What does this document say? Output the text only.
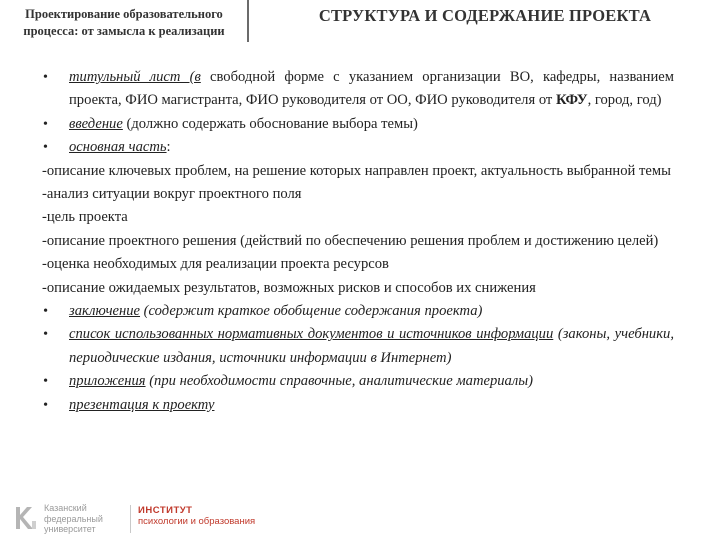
Проектирование образовательного
процесса: от замысла к реализации
СТРУКТУРА И СОДЕРЖАНИЕ ПРОЕКТА
• титульный лист (в свободной форме с указанием организации ВО, кафедры, названием проекта, ФИО магистранта, ФИО руководителя от ОО, ФИО руководителя от КФУ, город, год)
• введение (должно содержать обоснование выбора темы)
• основная часть:
-описание ключевых проблем, на решение которых направлен проект, актуальность выбранной темы
-анализ ситуации вокруг проектного поля
-цель проекта
-описание проектного решения (действий по обеспечению решения проблем и достижению целей)
-оценка необходимых для реализации проекта ресурсов
-описание ожидаемых результатов, возможных рисков и способов их снижения
• заключение (содержит краткое обобщение содержания проекта)
• список использованных нормативных документов и источников информации (законы, учебники, периодические издания, источники информации в Интернет)
• приложения (при необходимости справочные, аналитические материалы)
• презентация к проекту
Казанский
федеральный
университет
ИНСТИТУТ
психологии и образования
